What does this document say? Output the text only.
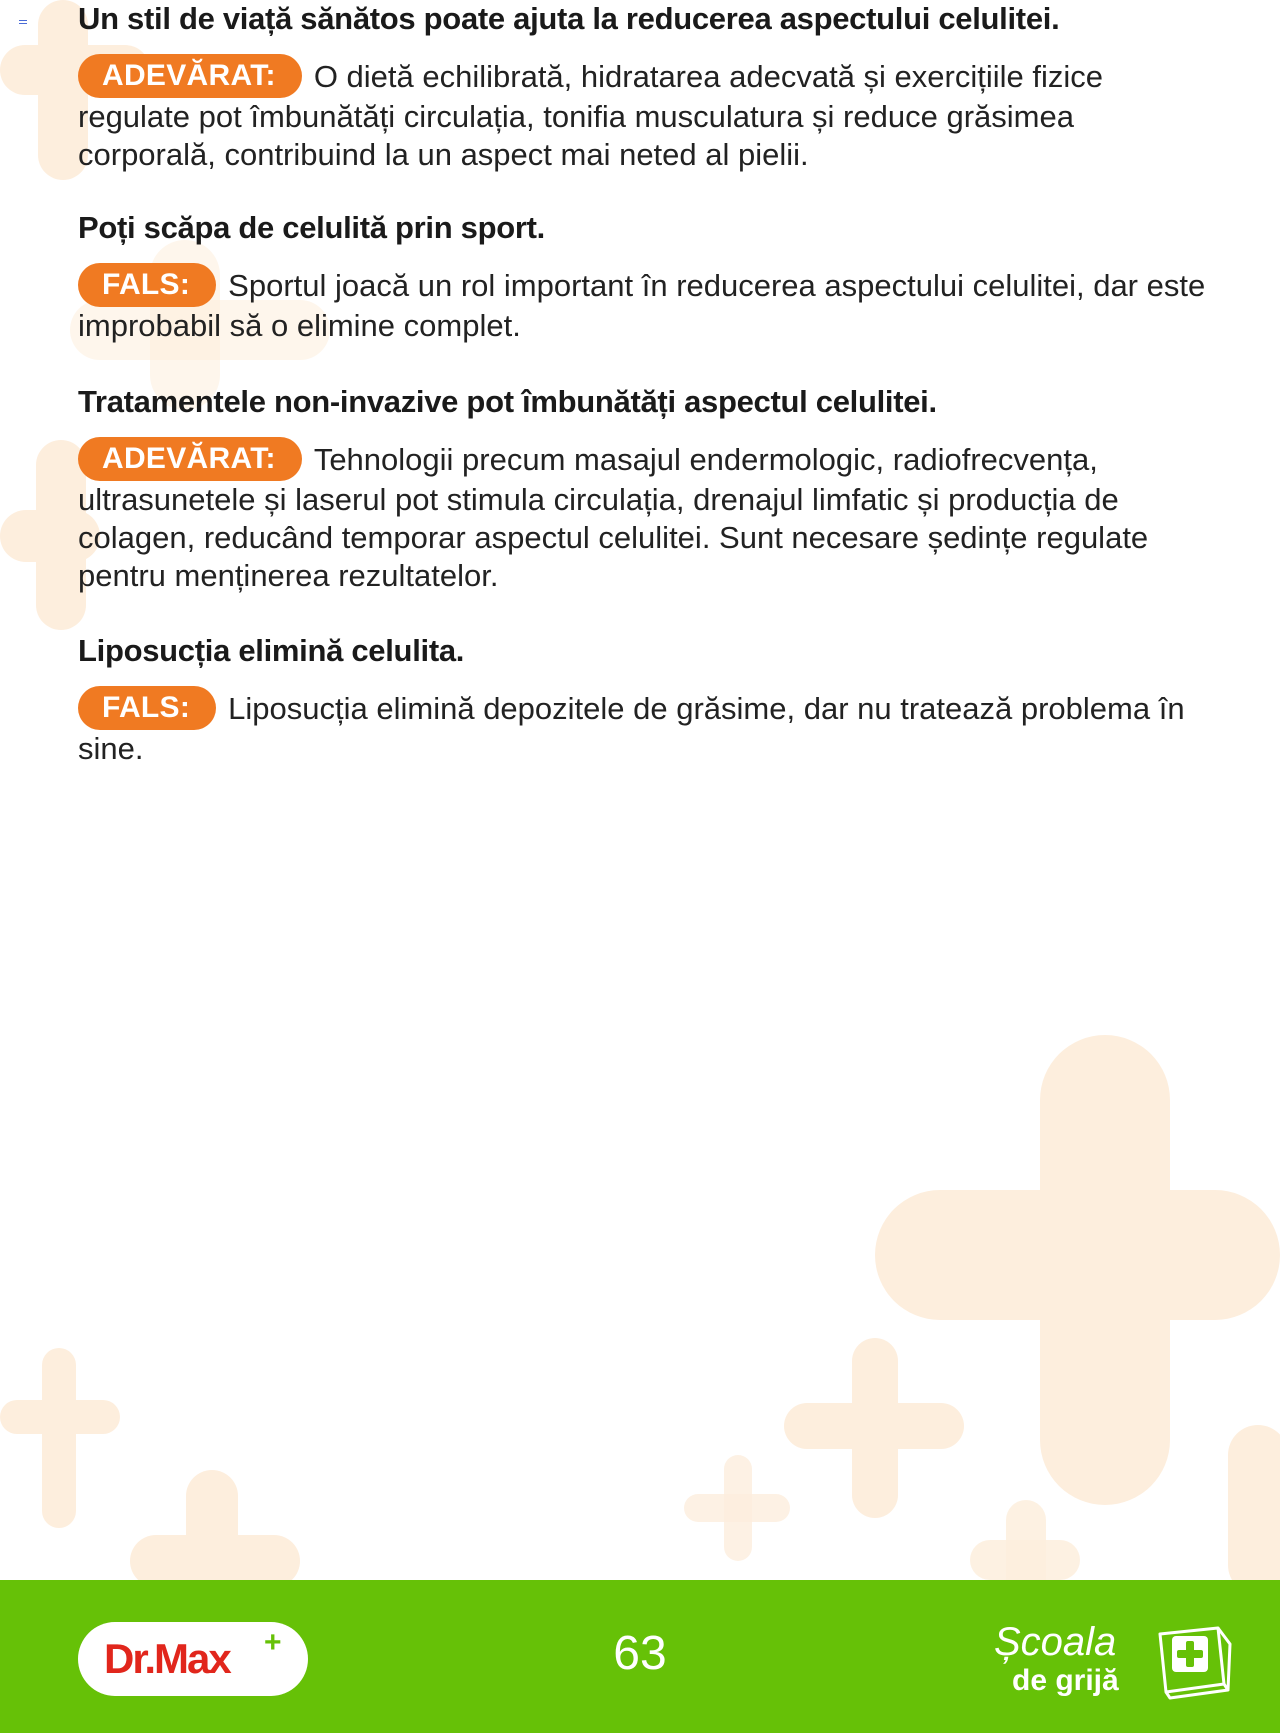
Un stil de viață sănătos poate ajuta la reducerea aspectului celulitei.

ADEVĂRAT: O dietă echilibrată, hidratarea adecvată și exercițiile fizice regulate pot îmbunătăți circulația, tonifia musculatura și reduce grăsimea corporală, contribuind la un aspect mai neted al pielii.

Poți scăpa de celulită prin sport.

FALS: Sportul joacă un rol important în reducerea aspectului celulitei, dar este improbabil să o elimine complet.

Tratamentele non-invazive pot îmbunătăți aspectul celulitei.

ADEVĂRAT: Tehnologii precum masajul endermologic, radiofrecvența, ultrasunetele și laserul pot stimula circulația, drenajul limfatic și producția de colagen, reducând temporar aspectul celulitei. Sunt necesare ședințe regulate pentru menținerea rezultatelor.

Liposucția elimină celulita.

FALS: Liposucția elimină depozitele de grăsime, dar nu tratează problema în sine.

Dr.Max +	63	Școala
de grijă
